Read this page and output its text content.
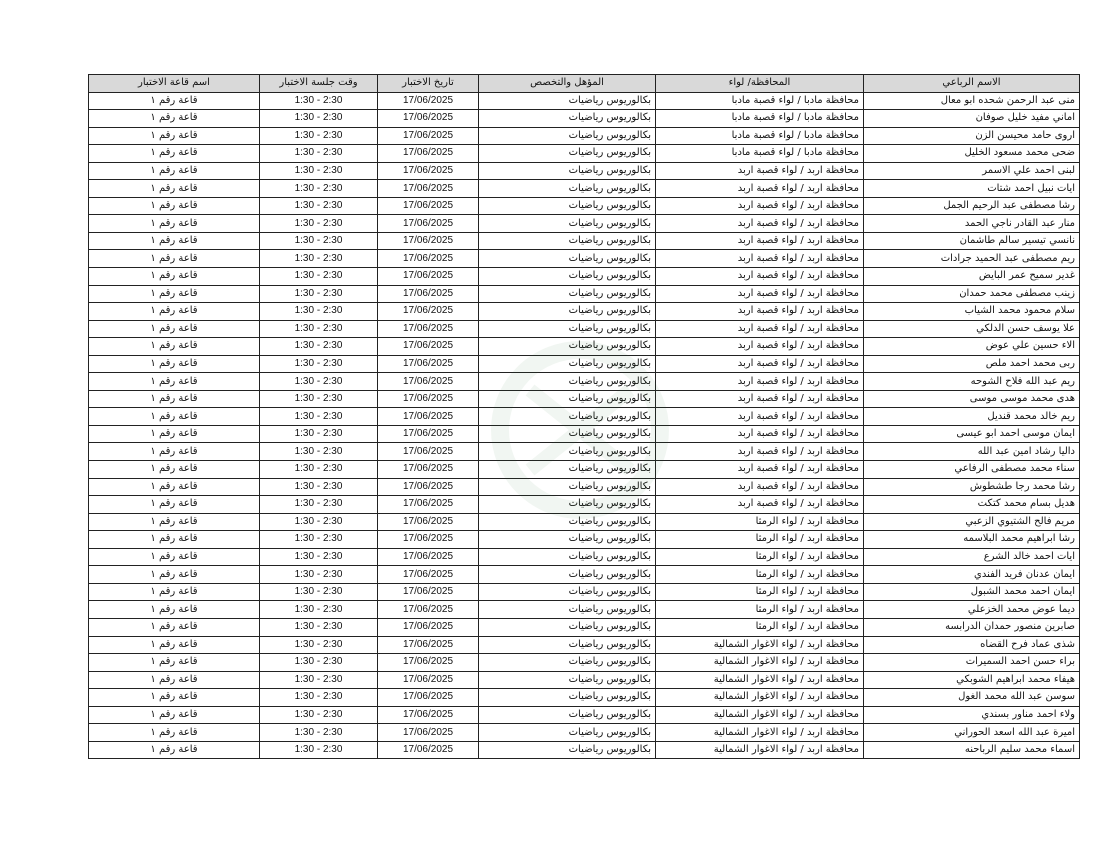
اسم قاعة الاختبار	وقت جلسة الاختبار	تاريخ الاختبار	المؤهل والتخصص	المحافظة/ لواء	الاسم الرباعي
قاعة رقم ١	1:30 - 2:30	17/06/2025	بكالوريوس رياضيات	محافظة مادبا / لواء قصبة مادبا	منى عبد الرحمن شحده ابو معال
قاعة رقم ١	1:30 - 2:30	17/06/2025	بكالوريوس رياضيات	محافظة مادبا / لواء قصبة مادبا	اماني مفيد خليل صوفان
قاعة رقم ١	1:30 - 2:30	17/06/2025	بكالوريوس رياضيات	محافظة مادبا / لواء قصبة مادبا	اروى حامد محيسن الزن
قاعة رقم ١	1:30 - 2:30	17/06/2025	بكالوريوس رياضيات	محافظة مادبا / لواء قصبة مادبا	ضحى محمد مسعود الخليل
قاعة رقم ١	1:30 - 2:30	17/06/2025	بكالوريوس رياضيات	محافظة اربد / لواء قصبة اربد	لبنى احمد علي الاسمر
قاعة رقم ١	1:30 - 2:30	17/06/2025	بكالوريوس رياضيات	محافظة اربد / لواء قصبة اربد	ايات نبيل احمد شتات
قاعة رقم ١	1:30 - 2:30	17/06/2025	بكالوريوس رياضيات	محافظة اربد / لواء قصبة اربد	رشا مصطفى عبد الرحيم الجمل
قاعة رقم ١	1:30 - 2:30	17/06/2025	بكالوريوس رياضيات	محافظة اربد / لواء قصبة اربد	منار عبد القادر ناجي الحمد
قاعة رقم ١	1:30 - 2:30	17/06/2025	بكالوريوس رياضيات	محافظة اربد / لواء قصبة اربد	نانسي تيسير سالم طاشمان
قاعة رقم ١	1:30 - 2:30	17/06/2025	بكالوريوس رياضيات	محافظة اربد / لواء قصبة اربد	ريم مصطفى عبد الحميد جرادات
قاعة رقم ١	1:30 - 2:30	17/06/2025	بكالوريوس رياضيات	محافظة اربد / لواء قصبة اربد	غدير سميح عمر البايض
قاعة رقم ١	1:30 - 2:30	17/06/2025	بكالوريوس رياضيات	محافظة اربد / لواء قصبة اربد	زينب مصطفى محمد حمدان
قاعة رقم ١	1:30 - 2:30	17/06/2025	بكالوريوس رياضيات	محافظة اربد / لواء قصبة اربد	سلام محمود محمد الشياب
قاعة رقم ١	1:30 - 2:30	17/06/2025	بكالوريوس رياضيات	محافظة اربد / لواء قصبة اربد	علا يوسف حسن الدلكي
قاعة رقم ١	1:30 - 2:30	17/06/2025	بكالوريوس رياضيات	محافظة اربد / لواء قصبة اربد	الاء حسين علي عوض
قاعة رقم ١	1:30 - 2:30	17/06/2025	بكالوريوس رياضيات	محافظة اربد / لواء قصبة اربد	ربى محمد احمد ملص
قاعة رقم ١	1:30 - 2:30	17/06/2025	بكالوريوس رياضيات	محافظة اربد / لواء قصبة اربد	ريم عبد الله فلاح الشوحه
قاعة رقم ١	1:30 - 2:30	17/06/2025	بكالوريوس رياضيات	محافظة اربد / لواء قصبة اربد	هدى محمد موسى موسى
قاعة رقم ١	1:30 - 2:30	17/06/2025	بكالوريوس رياضيات	محافظة اربد / لواء قصبة اربد	ريم خالد محمد قنديل
قاعة رقم ١	1:30 - 2:30	17/06/2025	بكالوريوس رياضيات	محافظة اربد / لواء قصبة اربد	ايمان موسى احمد ابو عيسى
قاعة رقم ١	1:30 - 2:30	17/06/2025	بكالوريوس رياضيات	محافظة اربد / لواء قصبة اربد	داليا رشاد امين عبد الله
قاعة رقم ١	1:30 - 2:30	17/06/2025	بكالوريوس رياضيات	محافظة اربد / لواء قصبة اربد	سناء محمد مصطفى الرفاعي
قاعة رقم ١	1:30 - 2:30	17/06/2025	بكالوريوس رياضيات	محافظة اربد / لواء قصبة اربد	رشا محمد رجا طشطوش
قاعة رقم ١	1:30 - 2:30	17/06/2025	بكالوريوس رياضيات	محافظة اربد / لواء قصبة اربد	هديل بسام محمد كتكت
قاعة رقم ١	1:30 - 2:30	17/06/2025	بكالوريوس رياضيات	محافظة اربد / لواء الرمثا	مريم فالح الشتيوي الزعبي
قاعة رقم ١	1:30 - 2:30	17/06/2025	بكالوريوس رياضيات	محافظة اربد / لواء الرمثا	رشا ابراهيم محمد البلاسمه
قاعة رقم ١	1:30 - 2:30	17/06/2025	بكالوريوس رياضيات	محافظة اربد / لواء الرمثا	ايات احمد خالد الشرع
قاعة رقم ١	1:30 - 2:30	17/06/2025	بكالوريوس رياضيات	محافظة اربد / لواء الرمثا	ايمان عدنان فريد الفندي
قاعة رقم ١	1:30 - 2:30	17/06/2025	بكالوريوس رياضيات	محافظة اربد / لواء الرمثا	ايمان احمد محمد الشبول
قاعة رقم ١	1:30 - 2:30	17/06/2025	بكالوريوس رياضيات	محافظة اربد / لواء الرمثا	ديما عوض محمد الخزعلي
قاعة رقم ١	1:30 - 2:30	17/06/2025	بكالوريوس رياضيات	محافظة اربد / لواء الرمثا	صابرين منصور حمدان الدرابسه
قاعة رقم ١	1:30 - 2:30	17/06/2025	بكالوريوس رياضيات	محافظة اربد / لواء الاغوار الشمالية	شذى عماد فرح القضاه
قاعة رقم ١	1:30 - 2:30	17/06/2025	بكالوريوس رياضيات	محافظة اربد / لواء الاغوار الشمالية	براء حسن احمد السميرات
قاعة رقم ١	1:30 - 2:30	17/06/2025	بكالوريوس رياضيات	محافظة اربد / لواء الاغوار الشمالية	هيفاء محمد ابراهيم الشوبكي
قاعة رقم ١	1:30 - 2:30	17/06/2025	بكالوريوس رياضيات	محافظة اربد / لواء الاغوار الشمالية	سوسن عبد الله محمد الغول
قاعة رقم ١	1:30 - 2:30	17/06/2025	بكالوريوس رياضيات	محافظة اربد / لواء الاغوار الشمالية	ولاء احمد مناور بسندي
قاعة رقم ١	1:30 - 2:30	17/06/2025	بكالوريوس رياضيات	محافظة اربد / لواء الاغوار الشمالية	اميرة عبد الله اسعد الحوراني
قاعة رقم ١	1:30 - 2:30	17/06/2025	بكالوريوس رياضيات	محافظة اربد / لواء الاغوار الشمالية	اسماء محمد سليم الرباحنه
